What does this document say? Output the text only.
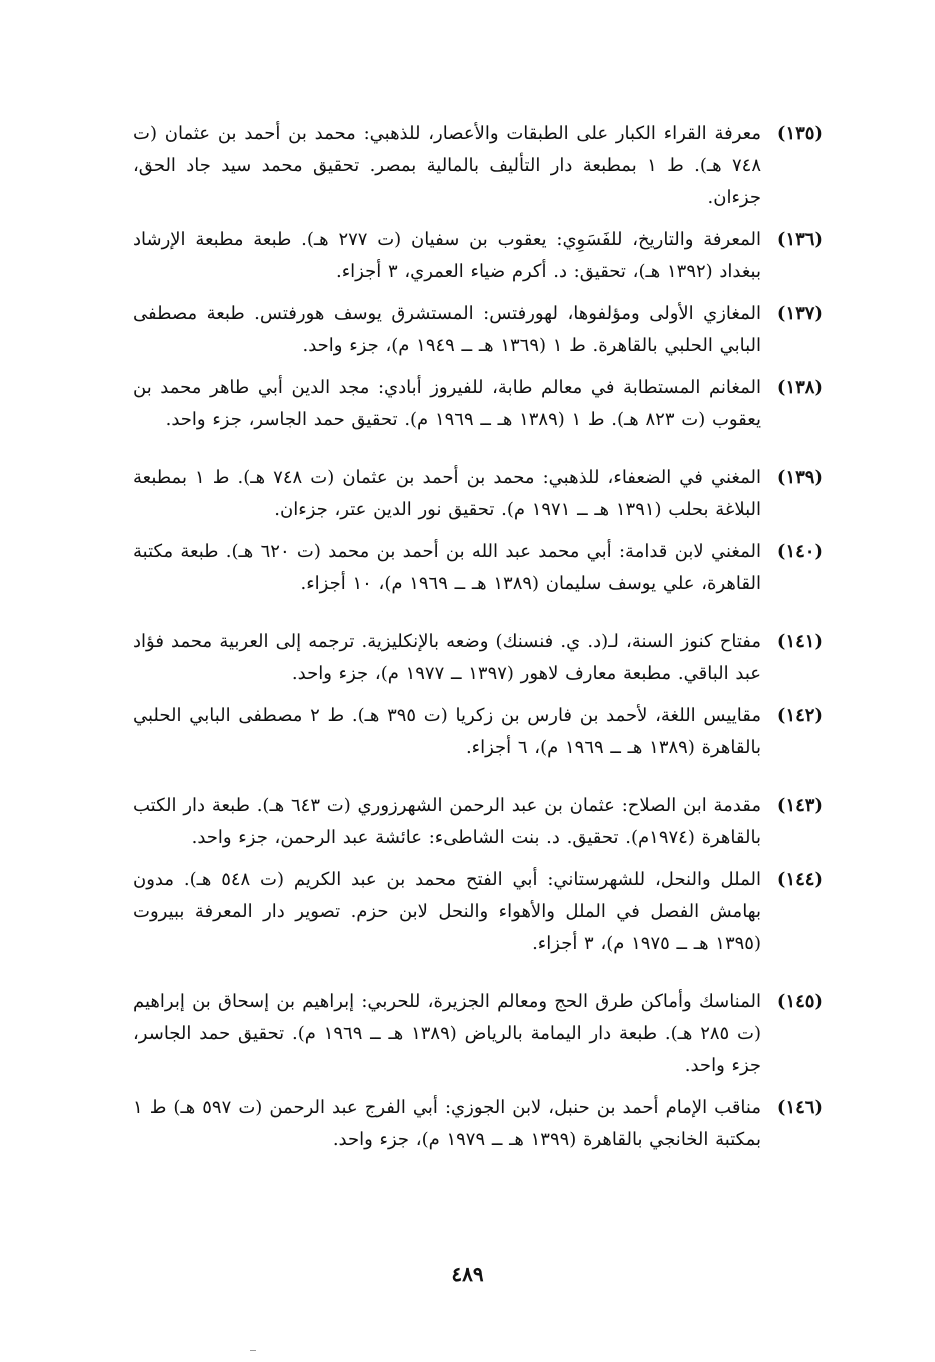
(١٣٥)
معرفة القراء الكبار على الطبقات والأعصار، للذهبي: محمد بن أحمد بن عثمان (ت ٧٤٨ هـ). ط ١ بمطبعة دار التأليف بالمالية بمصر. تحقيق محمد سيد جاد الحق، جزءان.
(١٣٦)
المعرفة والتاريخ، للفَسَوِي: يعقوب بن سفيان (ت ٢٧٧ هـ). طبعة مطبعة الإرشاد ببغداد (١٣٩٢ هـ)، تحقيق: د. أكرم ضياء العمري، ٣ أجزاء.
(١٣٧)
المغازي الأولى ومؤلفوها، لهورفتس: المستشرق يوسف هورفتس. طبعة مصطفى البابي الحلبي بالقاهرة. ط ١ (١٣٦٩ هـ ــ ١٩٤٩ م)، جزء واحد.
(١٣٨)
المغانم المستطابة في معالم طابة، للفيروز أبادي: مجد الدين أبي طاهر محمد بن يعقوب (ت ٨٢٣ هـ). ط ١ (١٣٨٩ هـ ــ ١٩٦٩ م). تحقيق حمد الجاسر، جزء واحد.
(١٣٩)
المغني في الضعفاء، للذهبي: محمد بن أحمد بن عثمان (ت ٧٤٨ هـ). ط ١ بمطبعة البلاغة بحلب (١٣٩١ هـ ــ ١٩٧١ م). تحقيق نور الدين عتر، جزءان.
(١٤٠)
المغني لابن قدامة: أبي محمد عبد الله بن أحمد بن محمد (ت ٦٢٠ هـ). طبعة مكتبة القاهرة، علي يوسف سليمان (١٣٨٩ هـ ــ ١٩٦٩ م)، ١٠ أجزاء.
(١٤١)
مفتاح كنوز السنة، لـ(د. ي. فنسنك) وضعه بالإنكليزية. ترجمه إلى العربية محمد فؤاد عبد الباقي. مطبعة معارف لاهور (١٣٩٧ ــ ١٩٧٧ م)، جزء واحد.
(١٤٢)
مقاييس اللغة، لأحمد بن فارس بن زكريا (ت ٣٩٥ هـ). ط ٢ مصطفى البابي الحلبي بالقاهرة (١٣٨٩ هـ ــ ١٩٦٩ م)، ٦ أجزاء.
(١٤٣)
مقدمة ابن الصلاح: عثمان بن عبد الرحمن الشهرزوري (ت ٦٤٣ هـ). طبعة دار الكتب بالقاهرة (١٩٧٤م). تحقيق. د. بنت الشاطىء: عائشة عبد الرحمن، جزء واحد.
(١٤٤)
الملل والنحل، للشهرستاني: أبي الفتح محمد بن عبد الكريم (ت ٥٤٨ هـ). مدون بهامش الفصل في الملل والأهواء والنحل لابن حزم. تصوير دار المعرفة ببيروت (١٣٩٥ هـ ــ ١٩٧٥ م)، ٣ أجزاء.
(١٤٥)
المناسك وأماكن طرق الحج ومعالم الجزيرة، للحربي: إبراهيم بن إسحاق بن إبراهيم (ت ٢٨٥ هـ). طبعة دار اليمامة بالرياض (١٣٨٩ هـ ــ ١٩٦٩ م). تحقيق حمد الجاسر، جزء واحد.
(١٤٦)
مناقب الإمام أحمد بن حنبل، لابن الجوزي: أبي الفرج عبد الرحمن (ت ٥٩٧ هـ) ط ١ بمكتبة الخانجي بالقاهرة (١٣٩٩ هـ ــ ١٩٧٩ م)، جزء واحد.
٤٨٩
